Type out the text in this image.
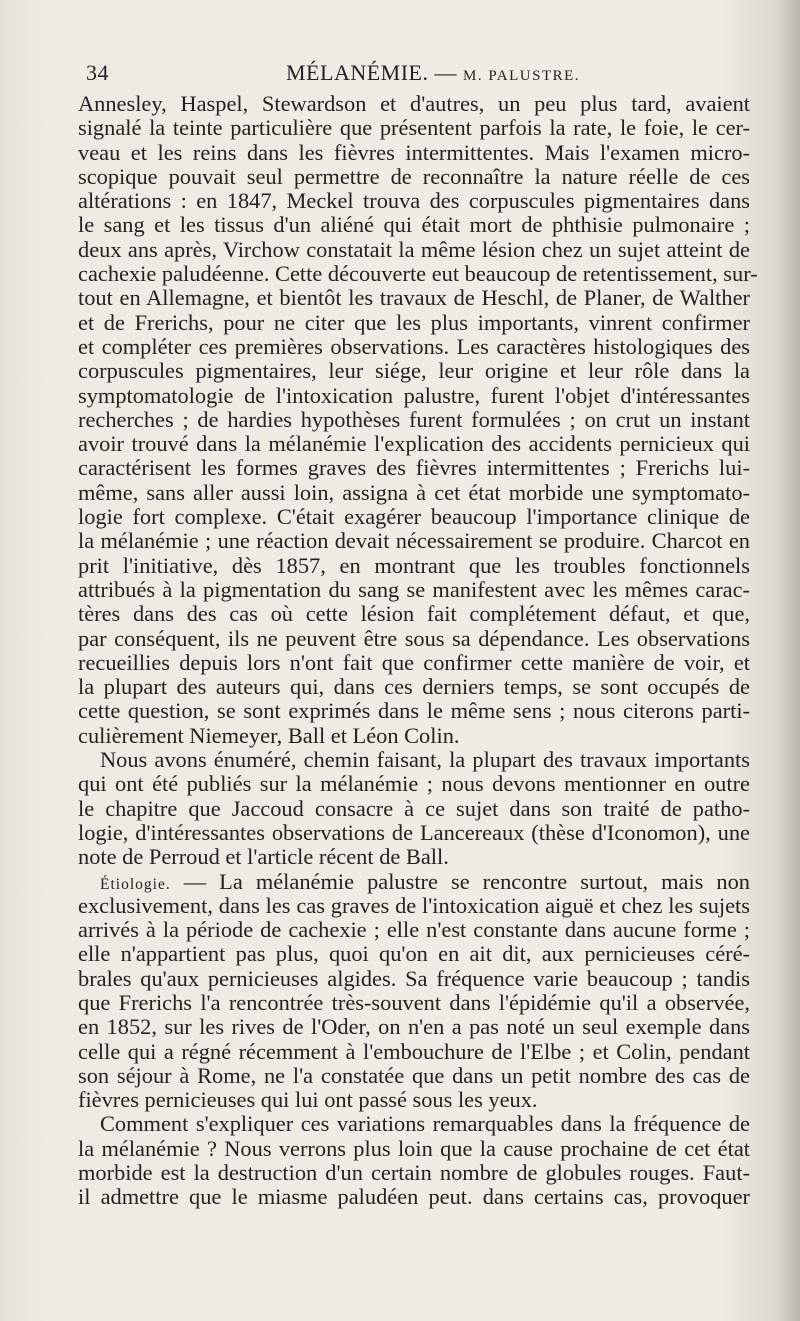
34	MÉLANÉMIE. — M. PALUSTRE.
Annesley, Haspel, Stewardson et d'autres, un peu plus tard, avaient
signalé la teinte particulière que présentent parfois la rate, le foie, le cer-
veau et les reins dans les fièvres intermittentes. Mais l'examen micro-
scopique pouvait seul permettre de reconnaître la nature réelle de ces
altérations : en 1847, Meckel trouva des corpuscules pigmentaires dans
le sang et les tissus d'un aliéné qui était mort de phthisie pulmonaire ;
deux ans après, Virchow constatait la même lésion chez un sujet atteint de
cachexie paludéenne. Cette découverte eut beaucoup de retentissement, sur-
tout en Allemagne, et bientôt les travaux de Heschl, de Planer, de Walther
et de Frerichs, pour ne citer que les plus importants, vinrent confirmer
et compléter ces premières observations. Les caractères histologiques des
corpuscules pigmentaires, leur siége, leur origine et leur rôle dans la
symptomatologie de l'intoxication palustre, furent l'objet d'intéressantes
recherches ; de hardies hypothèses furent formulées ; on crut un instant
avoir trouvé dans la mélanémie l'explication des accidents pernicieux qui
caractérisent les formes graves des fièvres intermittentes ; Frerichs lui-
même, sans aller aussi loin, assigna à cet état morbide une symptomato-
logie fort complexe. C'était exagérer beaucoup l'importance clinique de
la mélanémie ; une réaction devait nécessairement se produire. Charcot en
prit l'initiative, dès 1857, en montrant que les troubles fonctionnels
attribués à la pigmentation du sang se manifestent avec les mêmes carac-
tères dans des cas où cette lésion fait complétement défaut, et que,
par conséquent, ils ne peuvent être sous sa dépendance. Les observations
recueillies depuis lors n'ont fait que confirmer cette manière de voir, et
la plupart des auteurs qui, dans ces derniers temps, se sont occupés de
cette question, se sont exprimés dans le même sens ; nous citerons parti-
culièrement Niemeyer, Ball et Léon Colin.
Nous avons énuméré, chemin faisant, la plupart des travaux importants
qui ont été publiés sur la mélanémie ; nous devons mentionner en outre
le chapitre que Jaccoud consacre à ce sujet dans son traité de patho-
logie, d'intéressantes observations de Lancereaux (thèse d'Iconomon), une
note de Perroud et l'article récent de Ball.
Étiologie. — La mélanémie palustre se rencontre surtout, mais non
exclusivement, dans les cas graves de l'intoxication aiguë et chez les sujets
arrivés à la période de cachexie ; elle n'est constante dans aucune forme ;
elle n'appartient pas plus, quoi qu'on en ait dit, aux pernicieuses céré-
brales qu'aux pernicieuses algides. Sa fréquence varie beaucoup ; tandis
que Frerichs l'a rencontrée très-souvent dans l'épidémie qu'il a observée,
en 1852, sur les rives de l'Oder, on n'en a pas noté un seul exemple dans
celle qui a régné récemment à l'embouchure de l'Elbe ; et Colin, pendant
son séjour à Rome, ne l'a constatée que dans un petit nombre des cas de
fièvres pernicieuses qui lui ont passé sous les yeux.
Comment s'expliquer ces variations remarquables dans la fréquence de
la mélanémie ? Nous verrons plus loin que la cause prochaine de cet état
morbide est la destruction d'un certain nombre de globules rouges. Faut-
il admettre que le miasme paludéen peut. dans certains cas, provoquer
